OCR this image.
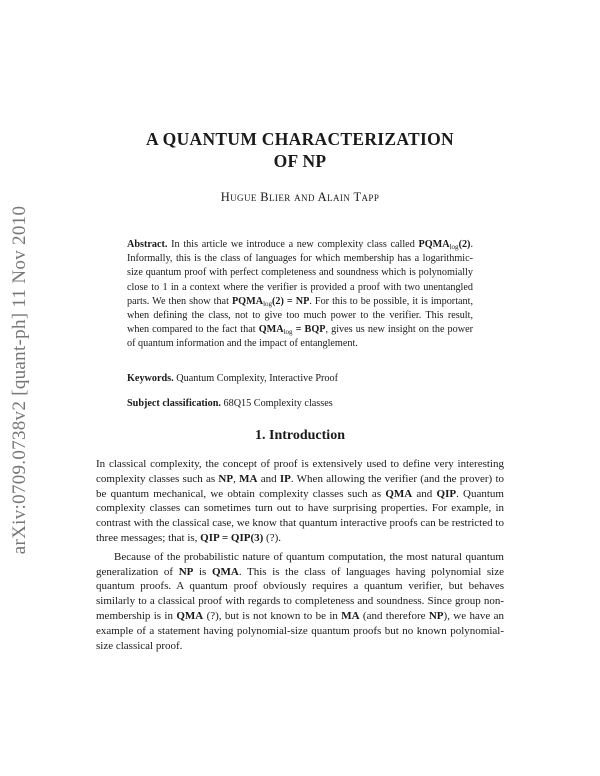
arXiv:0709.0738v2 [quant-ph] 11 Nov 2010
A QUANTUM CHARACTERIZATION
OF NP
Hugue Blier and Alain Tapp
Abstract. In this article we introduce a new complexity class called $PQMA_{log}(2)$. Informally, this is the class of languages for which membership has a logarithmic-size quantum proof with perfect completeness and soundness which is polynomially close to 1 in a context where the verifier is provided a proof with two unentangled parts. We then show that $PQMA_{log}(2)$ = NP. For this to be possible, it is important, when defining the class, not to give too much power to the verifier. This result, when compared to the fact that $QMA_{log}$ = BQP, gives us new insight on the power of quantum information and the impact of entanglement.
Keywords. Quantum Complexity, Interactive Proof
Subject classification. 68Q15 Complexity classes
1. Introduction

In classical complexity, the concept of proof is extensively used to define very interesting complexity classes such as NP, MA and IP. When allowing the verifier (and the prover) to be quantum mechanical, we obtain complexity classes such as QMA and QIP. Quantum complexity classes can sometimes turn out to have surprising properties. For example, in contrast with the classical case, we know that quantum interactive proofs can be restricted to three messages; that is, QIP = QIP(3) (?).

Because of the probabilistic nature of quantum computation, the most natural quantum generalization of NP is QMA. This is the class of languages having polynomial size quantum proofs. A quantum proof obviously requires a quantum verifier, but behaves similarly to a classical proof with regards to completeness and soundness. Since group non-membership is in QMA (?), but is not known to be in MA (and therefore NP), we have an example of a statement having polynomial-size quantum proofs but no known polynomial-size classical proof.
